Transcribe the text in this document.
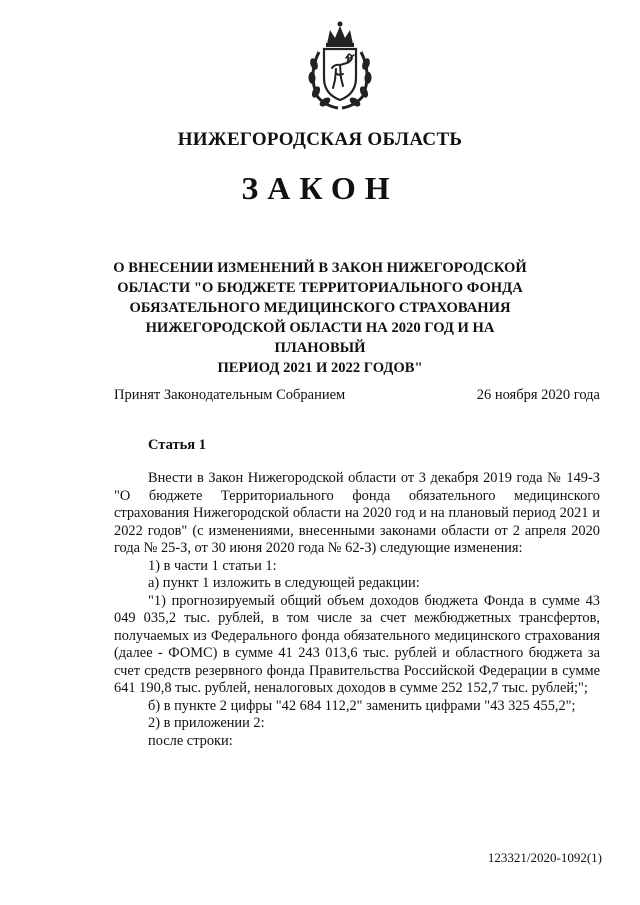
НИЖЕГОРОДСКАЯ ОБЛАСТЬ
ЗАКОН
О ВНЕСЕНИИ ИЗМЕНЕНИЙ В ЗАКОН НИЖЕГОРОДСКОЙ
ОБЛАСТИ "О БЮДЖЕТЕ ТЕРРИТОРИАЛЬНОГО ФОНДА
ОБЯЗАТЕЛЬНОГО МЕДИЦИНСКОГО СТРАХОВАНИЯ
НИЖЕГОРОДСКОЙ ОБЛАСТИ НА 2020 ГОД И НА ПЛАНОВЫЙ
ПЕРИОД 2021 И 2022 ГОДОВ"
Принят Законодательным Собранием	26 ноября 2020 года
Статья 1

Внести в Закон Нижегородской области от 3 декабря 2019 года № 149-З "О бюджете Территориального фонда обязательного медицинского страхования Нижегородской области на 2020 год и на плановый период 2021 и 2022 годов" (с изменениями, внесенными законами области от 2 апреля 2020 года № 25-З, от 30 июня 2020 года № 62-З) следующие изменения:

1) в части 1 статьи 1:

а) пункт 1 изложить в следующей редакции:

"1) прогнозируемый общий объем доходов бюджета Фонда в сумме 43 049 035,2 тыс. рублей, в том числе за счет межбюджетных трансфертов, получаемых из Федерального фонда обязательного медицинского страхования (далее - ФОМС) в сумме 41 243 013,6 тыс. рублей и областного бюджета за счет средств резервного фонда Правительства Российской Федерации в сумме 641 190,8 тыс. рублей, неналоговых доходов в сумме 252 152,7 тыс. рублей;";

б) в пункте 2 цифры "42 684 112,2" заменить цифрами "43 325 455,2";

2) в приложении 2:

после строки:

123321/2020-1092(1)
